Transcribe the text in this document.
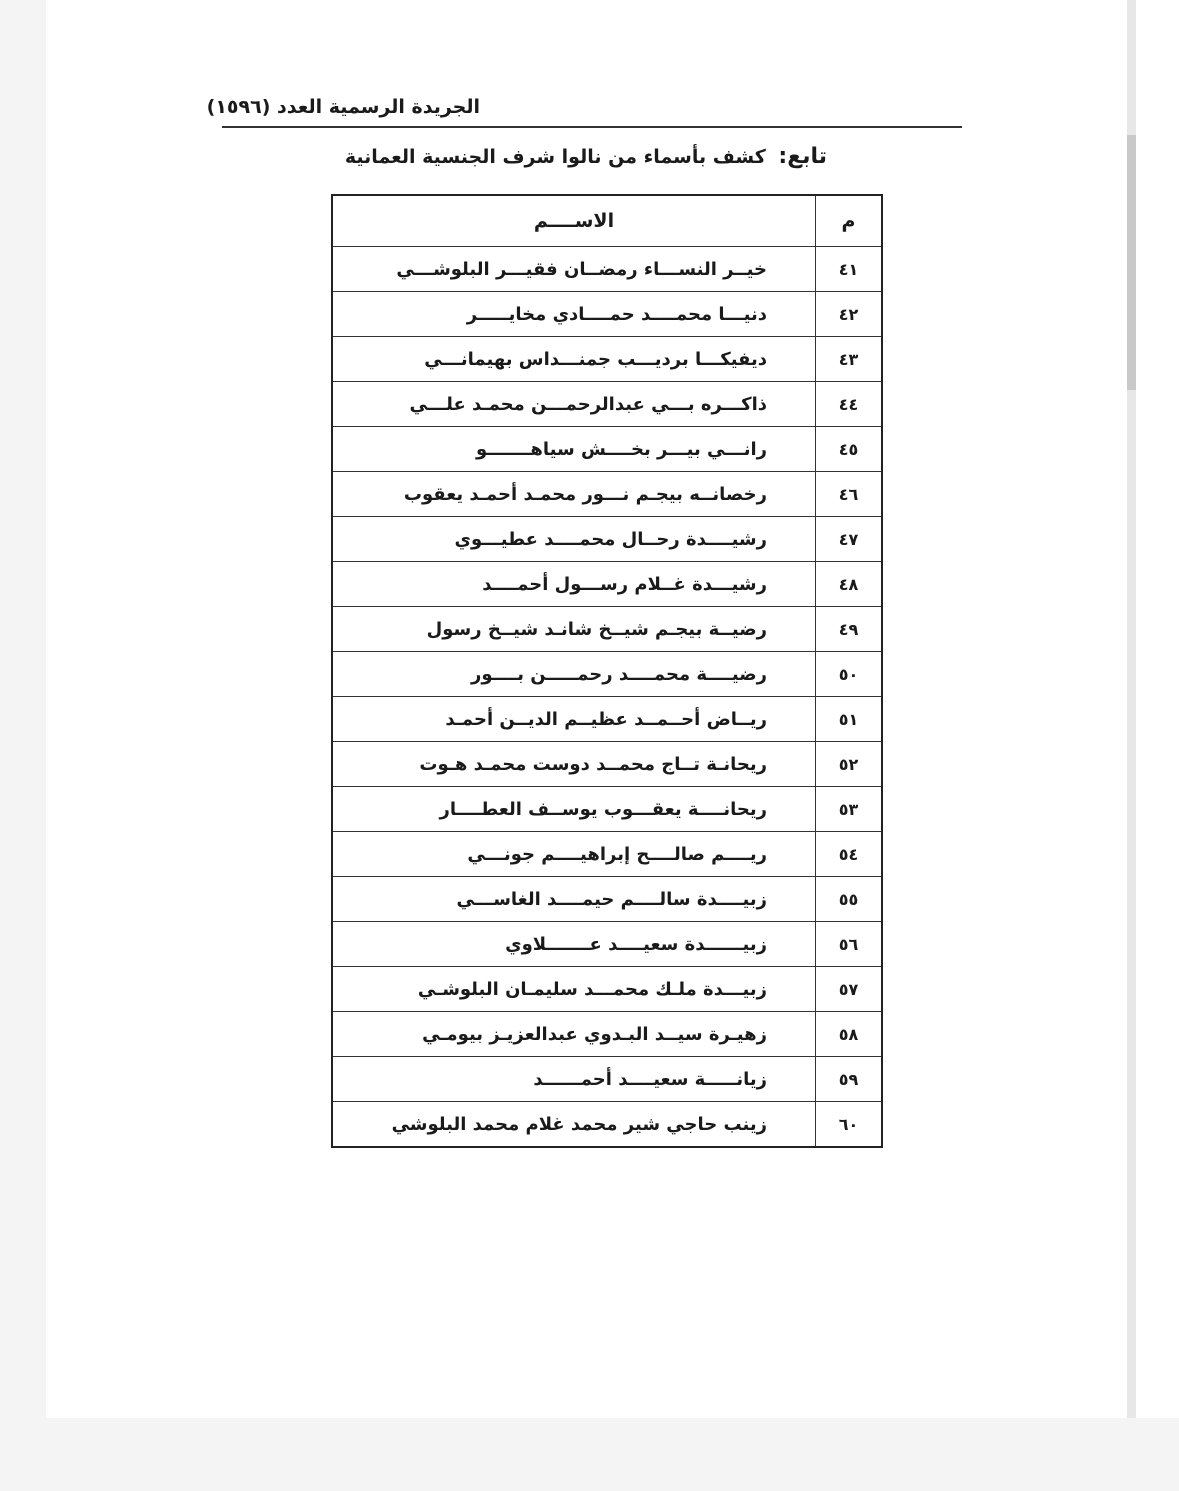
الجريدة الرسمية العدد (١٥٩٦)
تابع: كشف بأسماء من نالوا شرف الجنسية العمانية
م	الاســــم
٤١	خيــر النســـاء رمضــان فقيـــر البلوشـــي
٤٢	دنيـــا محمــــد حمــــادي مخايـــــر
٤٣	ديفيكـــا برديـــب جمنـــداس بهيمانـــي
٤٤	ذاكـــره بـــي عبدالرحمـــن محمـد علـــي
٤٥	رانـــي بيـــر بخــــش سياهـــــــو
٤٦	رخصانــه بيجـم نـــور محمـد أحمـد يعقوب
٤٧	رشيــــدة رحــال محمــــد عطيـــوي
٤٨	رشيـــدة غــلام رســـول أحمــــد
٤٩	رضيــة بيجـم شيــخ شانـد شيــخ رسول
٥٠	رضيــــة محمــــد رحمـــــن بــــور
٥١	ريــاض أحــمــد عظيــم الديــن أحمـد
٥٢	ريحانـة تــاج محمــد دوست محمـد هـوت
٥٣	ريحانــــة يعقـــوب يوســف العطــــار
٥٤	ريــــم صالــــح إبراهيــــم جونـــي
٥٥	زبيــــدة سالــــم حيمــــد الغاســـي
٥٦	زبيــــــدة سعيــــد عـــــــلاوي
٥٧	زبيـــدة ملـك محمـــد سليمـان البلوشـي
٥٨	زهيـرة سيــد البـدوي عبدالعزيـز بيومـي
٥٩	زيانـــــة سعيــــد أحمــــــد
٦٠	زينب حاجي شير محمد غلام محمد البلوشي
